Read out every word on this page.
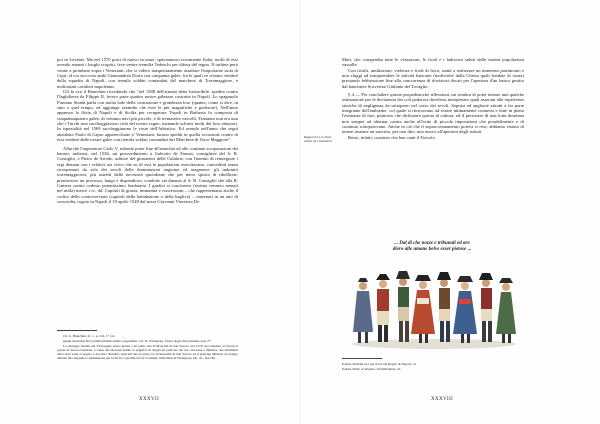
poi in Levante. Ma nel 1570 posti di nuovo in mare, spavemnoso novamente Italia; molti di essi avendo smunti i luoghi scopriti, fece venire tremilia Tedeschi per difesa del regno. Il turbine però venne a piombare sopra i Veneziani, che si videro inaspettatamente assaltare l'importante isola di Cipri, al cui soccorso andò Giannandrea Doria con cinquanta galee, fra le quali ve n'erano ventitrè della squadra di Napoli, con tremila soldati comandati dal marchese di Torremaggiore, e moltissimi cavalieri napoletani.

Gli fa eco il Bianchini ricordando che "nel 1588 dell'armata detta Invincibile, spedita contro l'Inghilterra da Filippo II, fecero parte quattro nostre galeazze costruite in Napoli. Lo spagnuolo Fimiano Strada parla con molta lode della costruzione e grandezza loro (quanto, come si dice, in sino a quel tempo, ed aggiunge eziandio che esse le più magnifiche e poderose). Nell'anno appresso la flotta di Napoli e di Sicilia per recuperare Tripoli in Barberia fu composta di cinquantaquattro galee, di ventuno navi più piccole, e di trentasette vascelli. Frattanto non era uno che i Turchi non saccheggiassero città del nostro regno, menando schiavi molti dei loro abitatori. In ispezialità nel 1569 saccheggiarono le coste dell'Adriatico. Ed avendo nell'anno che seguì anzidetto Paolo di Capro apparecchiate a' Veneziani, furono spediti in quella occasione contro di essi ventitré delle nostre galee con tremila soldati comandati dal Marchese di Torre Maggiore".

Allorchè l'imperatore Carlo V, ridondo poter fine all'anarchia ed alle continue scorparazioni dei baroni, indizirsi, nel 1536, un provvedimento a Galeotto de Franza, consigliere del S. R. Consiglio, e Pietro de Arredo, uditore del giustizieri delle Calabrie, con l'intento di reintegrare i regi demani con i relativi usi civici che su di essi le popolazioni esercitavano, concedesti senza riceoperanti da sola dei secoli delle dominazioni angioine ed aragonese: gli indomiti torremaggioresi, più astretti dalle necessità quotidiane che per mero spirito di ribellione, promossero un processo, lungo e dispendioso, condotto sia dinanzi al S. R. Consiglio che alla R. Camera contro codesto potentissimo feudatario. I giudici si conclusero (restino vennero menati nel nulla) mercè i cc. dd. Capitoli di grazia, immunità e concessioni – che rappresentano anche il codice delle controversioni (capitoli della baindazione o della bagliva) – contenuti in un atto di concordia, rogato in Napoli il 19 aprile 1549 dal notar Giovanni Vincenzo De

Cfr. L. Bianchini, O. c., p. 241, 1° vol.

Quam absolutus Dei optimi maximi auxilio expeditum. Cfr. D. Winspeare, Storia degli abusi feudali, nota 77.

Le reintegre feudali nel Vicereggno erano giunte a tal punto che l'Università di San Severo, nel 1570, nel chiedere al Viceré la grazia di essere rivendata, a causa del rilevanti debiti, la supplicò di darghi un padrone che ora crisciesse e dubitera, che altrimenti detta terra sarìa al pegaio e del tutto distrutta. Agli atti del processo tra l'Università di San Severo ed il principe Michele de Sangro dinanzi alla Suprema Commissione per le liti fra i già Baroni ed i Comuni, richiamati in Winspeare, Op. cit., nota 80.

XXXVII
Rapporti tra lo Stato nobile ed i subalterni

Mari, che coinpendia tutte le vessazioni, le frodi e i ladrocini subiti dalle inermi popolazioni vassalle.

Con rivalti, umiliazioni, violenze e frodi di fisco, stanti a realizzare un immenso patrimonio e non sfuggì ad intraprendere le attività bancarie (moltivolte dalla Chiesa quali fondate di usura) prestando febbrissione fine alla concorrenza di doviziosi docati per l'apertura d'un banco gestito dal banchiere Scaverino Giuliano del Tovaglio.

§ 4 — Per concludere queste propedeutiche riflessioni, mi sembra di poter tentare una qualche estimazione per le deviazioni dei coli poderosi dovelessi interpretare quali reazioni alle esperienze storiche di negligenza da sottoperto nel corso dei secoli. Soprusi ed angherie attratti a far parte integrante dell'ambiente, col quale si ritrovavano ad essere intimamente connessi e fatte in pieno l'esistenze di fare, piuttosto che dichiarare questa di cultura, ed il persistere di una lotta destinata non sempre ad alternar contro anche all'esito di piccole imposizioni che possibilmente e di continuo sottopotevano. Anche in ciò che il sopraccennamento poteva si rese, abbiamo vistato di tenere insieme un sancrito, per non dire, non nuovo all'apertura degli istituti.

Resto, infatti, convinto che ben canti il Foscolo

... Dal di che nozze e tribunali ed are
diero alle umane belve esser pietose ...

Poletti, Romani ed i usi civici nel Regno di Napoli, cit.

Poletti, Della «Cattedra» all'Abbiamata, cit.

XXXVIII
